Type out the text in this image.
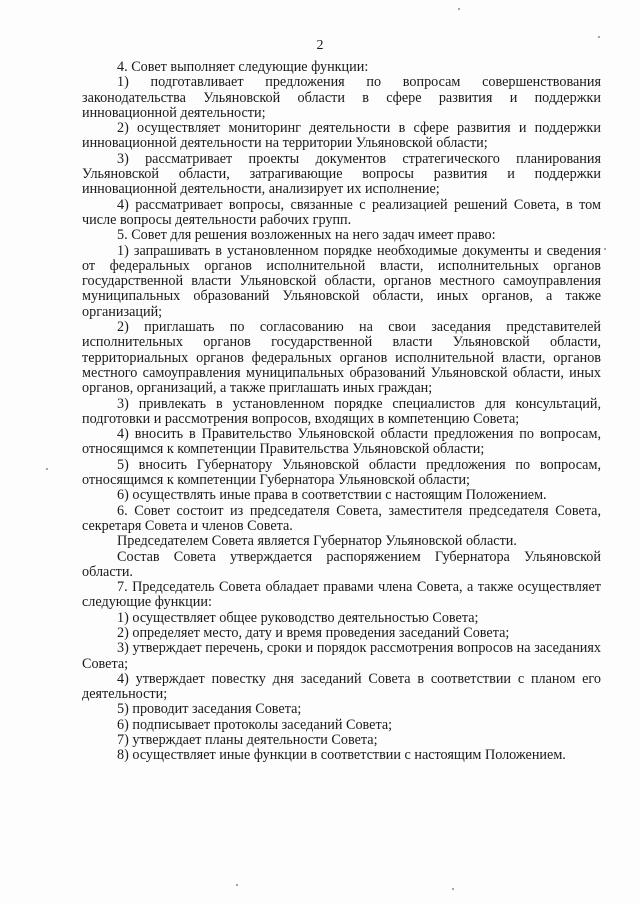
2

4. Совет выполняет следующие функции:

1) подготавливает предложения по вопросам совершенствования законодательства Ульяновской области в сфере развития и поддержки инновационной деятельности;

2) осуществляет мониторинг деятельности в сфере развития и поддержки инновационной деятельности на территории Ульяновской области;

3) рассматривает проекты документов стратегического планирования Ульяновской области, затрагивающие вопросы развития и поддержки инновационной деятельности, анализирует их исполнение;

4) рассматривает вопросы, связанные с реализацией решений Совета, в том числе вопросы деятельности рабочих групп.

5. Совет для решения возложенных на него задач имеет право:

1) запрашивать в установленном порядке необходимые документы и сведения от федеральных органов исполнительной власти, исполнительных органов государственной власти Ульяновской области, органов местного самоуправления муниципальных образований Ульяновской области, иных органов, а также организаций;

2) приглашать по согласованию на свои заседания представителей исполнительных органов государственной власти Ульяновской области, территориальных органов федеральных органов исполнительной власти, органов местного самоуправления муниципальных образований Ульяновской области, иных органов, организаций, а также приглашать иных граждан;

3) привлекать в установленном порядке специалистов для консультаций, подготовки и рассмотрения вопросов, входящих в компетенцию Совета;

4) вносить в Правительство Ульяновской области предложения по вопросам, относящимся к компетенции Правительства Ульяновской области;

5) вносить Губернатору Ульяновской области предложения по вопросам, относящимся к компетенции Губернатора Ульяновской области;

6) осуществлять иные права в соответствии с настоящим Положением.

6. Совет состоит из председателя Совета, заместителя председателя Совета, секретаря Совета и членов Совета.

Председателем Совета является Губернатор Ульяновской области.

Состав Совета утверждается распоряжением Губернатора Ульяновской области.

7. Председатель Совета обладает правами члена Совета, а также осуществляет следующие функции:

1) осуществляет общее руководство деятельностью Совета;

2) определяет место, дату и время проведения заседаний Совета;

3) утверждает перечень, сроки и порядок рассмотрения вопросов на заседаниях Совета;

4) утверждает повестку дня заседаний Совета в соответствии с планом его деятельности;

5) проводит заседания Совета;

6) подписывает протоколы заседаний Совета;

7) утверждает планы деятельности Совета;

8) осуществляет иные функции в соответствии с настоящим Положением.
